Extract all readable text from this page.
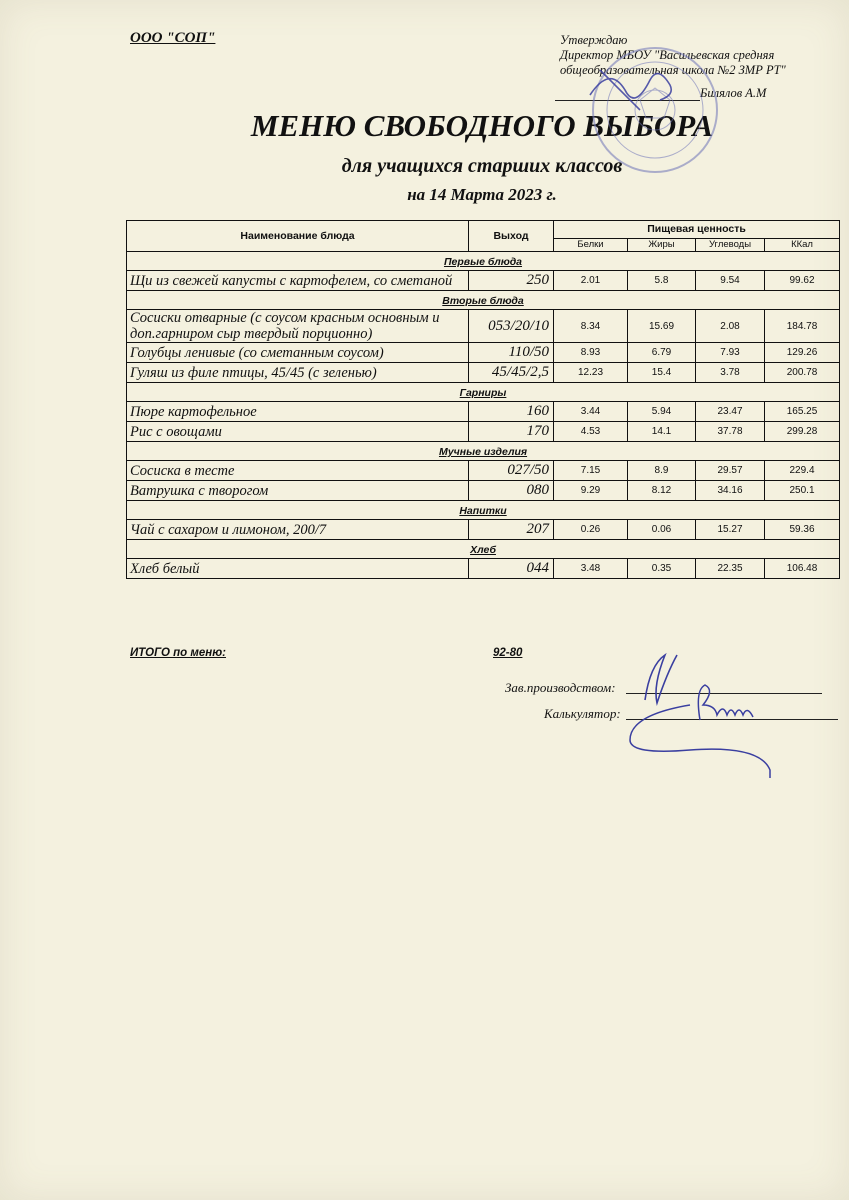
ООО "СОП"	Утверждаю
Директор МБОУ "Васильевская средняя
общеобразовательная школа №2 ЗМР РТ"
Билялов А.М
МЕНЮ СВОБОДНОГО ВЫБОРА
для учащихся старших классов
на 14 Марта 2023 г.
Наименование блюда	Выход	Пищевая ценность			
		Белки	Жиры	Углеводы	ККал
Первые блюда					
Щи из свежей капусты с картофелем, со сметаной	250	2.01	5.8	9.54	99.62
Вторые блюда					
Сосиски отварные (с соусом красным основным и доп.гарниром сыр твердый порционно)	053/20/10	8.34	15.69	2.08	184.78
Голубцы ленивые (со сметанным соусом)	110/50	8.93	6.79	7.93	129.26
Гуляш из филе птицы, 45/45 (с зеленью)	45/45/2,5	12.23	15.4	3.78	200.78
Гарниры					
Пюре картофельное	160	3.44	5.94	23.47	165.25
Рис с овощами	170	4.53	14.1	37.78	299.28
Мучные изделия					
Сосиска в тесте	027/50	7.15	8.9	29.57	229.4
Ватрушка с творогом	080	9.29	8.12	34.16	250.1
Напитки					
Чай с сахаром и лимоном, 200/7	207	0.26	0.06	15.27	59.36
Хлеб					
Хлеб белый	044	3.48	0.35	22.35	106.48
ИТОГО по меню:	92-80
Зав.производством:
Калькулятор:
